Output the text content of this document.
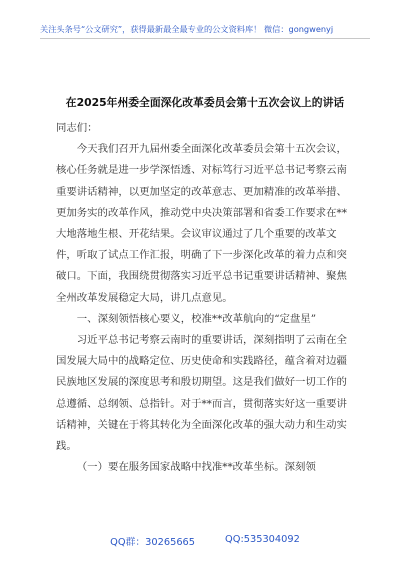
关注头条号“公文研究”，获得最新最全最专业的公文资料库！ 微信：gongwenyj
在2025年州委全面深化改革委员会第十五次会议上的讲话

同志们：

今天我们召开九届州委全面深化改革委员会第十五次会议，核心任务就是进一步学深悟透、对标笃行习近平总书记考察云南重要讲话精神，以更加坚定的改革意志、更加精准的改革举措、更加务实的改革作风，推动党中央决策部署和省委工作要求在**大地落地生根、开花结果。会议审议通过了几个重要的改革文件，听取了试点工作汇报，明确了下一步深化改革的着力点和突破口。下面，我围绕贯彻落实习近平总书记重要讲话精神、聚焦全州改革发展稳定大局，讲几点意见。

一、深刻领悟核心要义，校准**改革航向的“定盘星”

习近平总书记考察云南时的重要讲话，深刻指明了云南在全国发展大局中的战略定位、历史使命和实践路径，蕴含着对边疆民族地区发展的深度思考和殷切期望。这是我们做好一切工作的总遵循、总纲领、总指针。对于**而言，贯彻落实好这一重要讲话精神，关键在于将其转化为全面深化改革的强大动力和生动实践。

（一）要在服务国家战略中找准**改革坐标。深刻领

QQ群：30265665	QQ:535304092
